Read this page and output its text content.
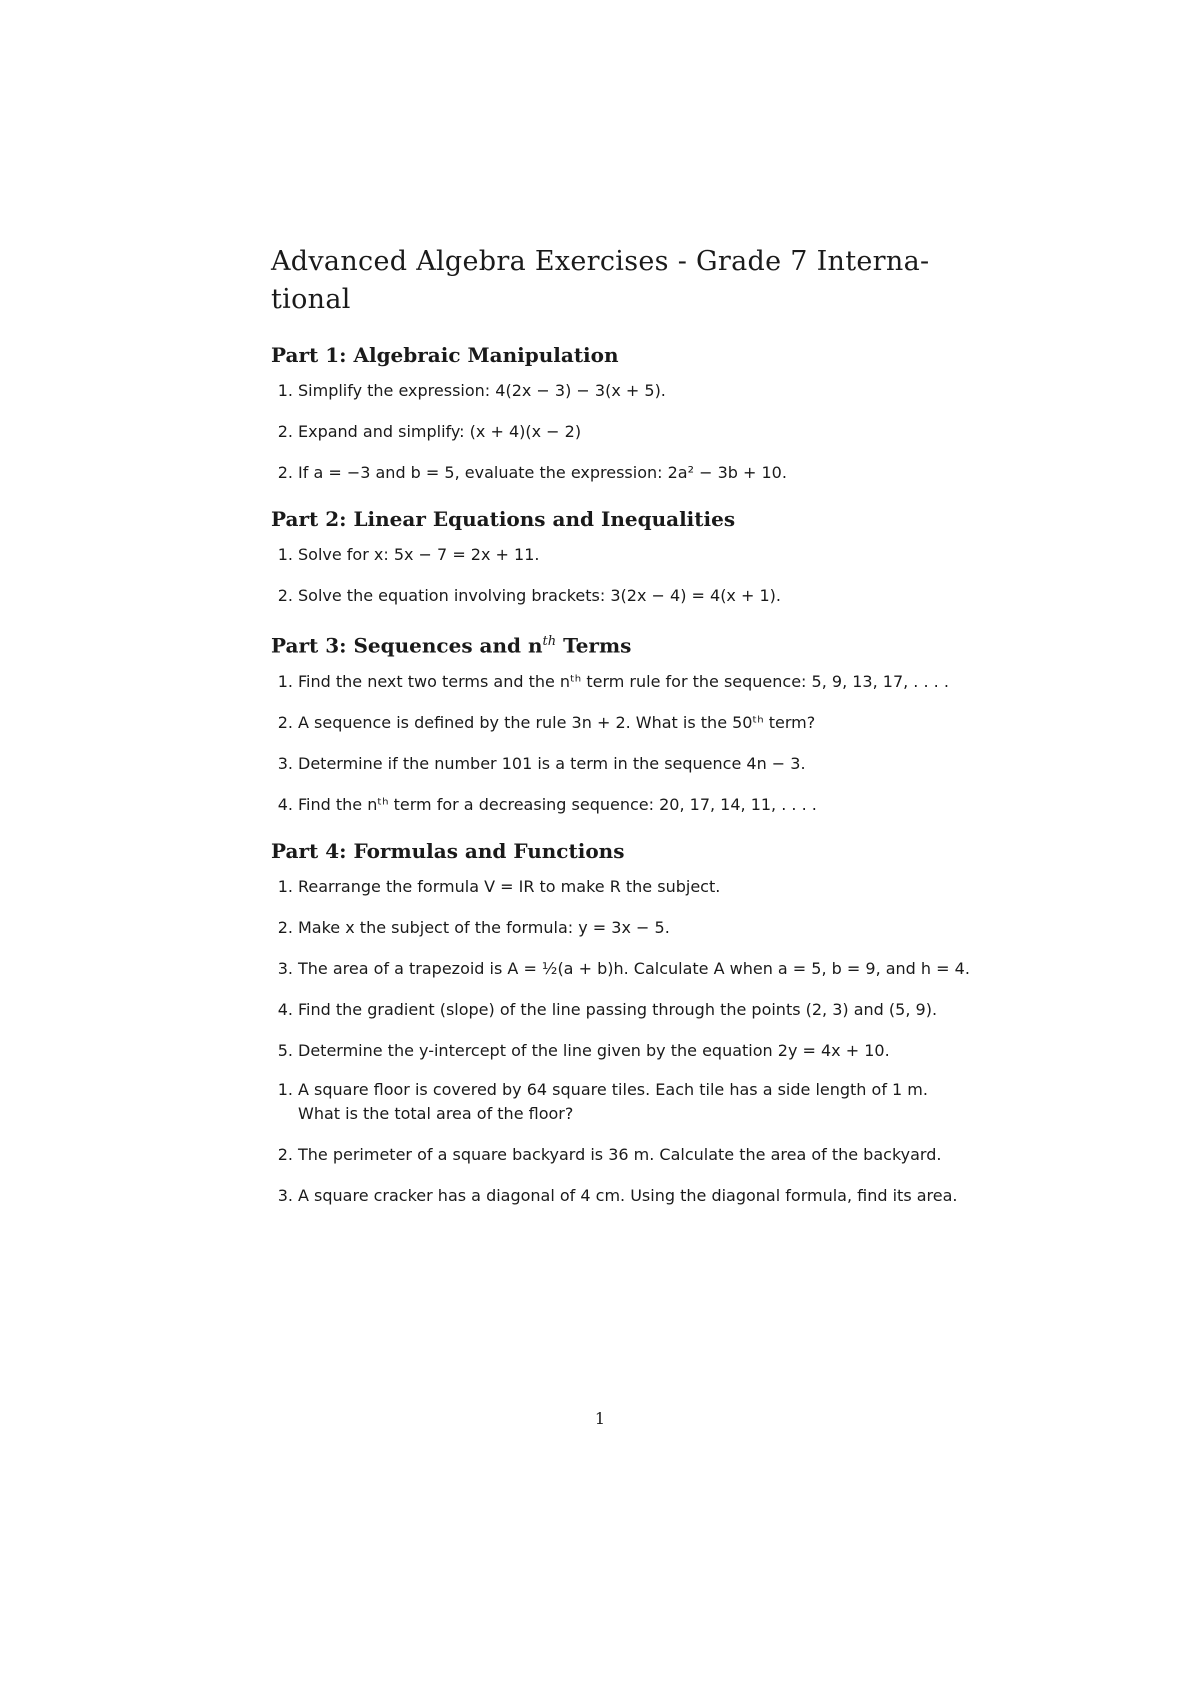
Advanced Algebra Exercises - Grade 7 Interna- tional
Part 1: Algebraic Manipulation
1. Simplify the expression: 4(2x − 3) − 3(x + 5).
2. Expand and simplify: (x + 4)(x − 2)
2. If a = −3 and b = 5, evaluate the expression: 2a² − 3b + 10.
Part 2: Linear Equations and Inequalities
1. Solve for x: 5x − 7 = 2x + 11.
2. Solve the equation involving brackets: 3(2x − 4) = 4(x + 1).
Part 3: Sequences and $n^{th}$ Terms
1. Find the next two terms and the nᵗʰ term rule for the sequence: 5, 9, 13, 17, . . . .
2. A sequence is defined by the rule 3n + 2. What is the 50ᵗʰ term?
3. Determine if the number 101 is a term in the sequence 4n − 3.
4. Find the nᵗʰ term for a decreasing sequence: 20, 17, 14, 11, . . . .
Part 4: Formulas and Functions
1. Rearrange the formula V = IR to make R the subject.
2. Make x the subject of the formula: y = 3x − 5.
3. The area of a trapezoid is A = ½(a + b)h. Calculate A when a = 5, b = 9, and h = 4.
4. Find the gradient (slope) of the line passing through the points (2, 3) and (5, 9).
5. Determine the y-intercept of the line given by the equation 2y = 4x + 10.
1. A square floor is covered by 64 square tiles. Each tile has a side length of 1 m. What is the total area of the floor?
2. The perimeter of a square backyard is 36 m. Calculate the area of the backyard.
3. A square cracker has a diagonal of 4 cm. Using the diagonal formula, find its area.
1
